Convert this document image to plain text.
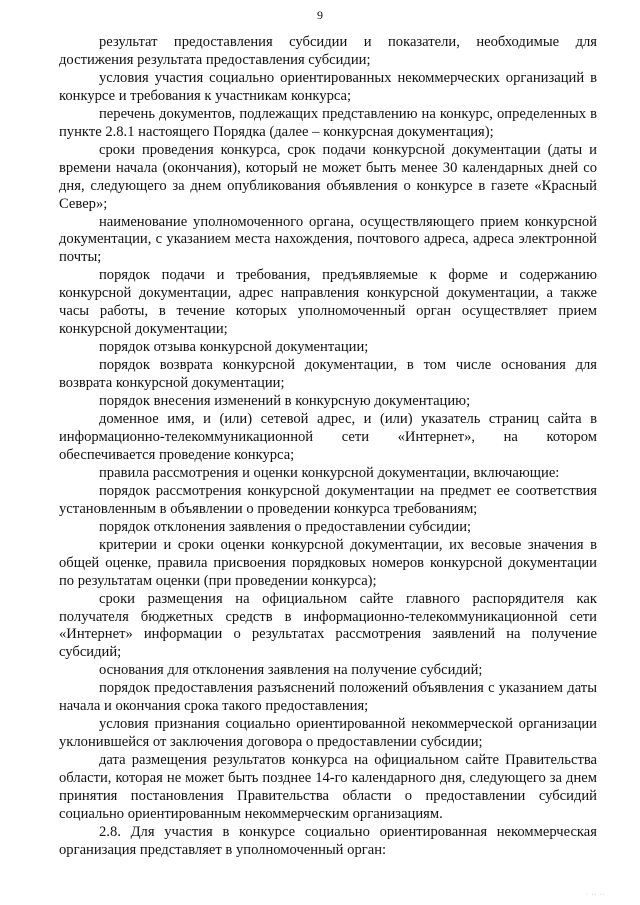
9

результат предоставления субсидии и показатели, необходимые для достижения результата предоставления субсидии;

условия участия социально ориентированных некоммерческих организаций в конкурсе и требования к участникам конкурса;

перечень документов, подлежащих представлению на конкурс, определенных в пункте 2.8.1 настоящего Порядка (далее – конкурсная документация);

сроки проведения конкурса, срок подачи конкурсной документации (даты и времени начала (окончания), который не может быть менее 30 календарных дней со дня, следующего за днем опубликования объявления о конкурсе в газете «Красный Север»;

наименование уполномоченного органа, осуществляющего прием конкурсной документации, с указанием места нахождения, почтового адреса, адреса электронной почты;

порядок подачи и требования, предъявляемые к форме и содержанию конкурсной документации, адрес направления конкурсной документации, а также часы работы, в течение которых уполномоченный орган осуществляет прием конкурсной документации;

порядок отзыва конкурсной документации;

порядок возврата конкурсной документации, в том числе основания для возврата конкурсной документации;

порядок внесения изменений в конкурсную документацию;

доменное имя, и (или) сетевой адрес, и (или) указатель страниц сайта в информационно-телекоммуникационной сети «Интернет», на котором обеспечивается проведение конкурса;

правила рассмотрения и оценки конкурсной документации, включающие:

порядок рассмотрения конкурсной документации на предмет ее соответствия установленным в объявлении о проведении конкурса требованиям;

порядок отклонения заявления о предоставлении субсидии;

критерии и сроки оценки конкурсной документации, их весовые значения в общей оценке, правила присвоения порядковых номеров конкурсной документации по результатам оценки (при проведении конкурса);

сроки размещения на официальном сайте главного распорядителя как получателя бюджетных средств в информационно-телекоммуникационной сети «Интернет» информации о результатах рассмотрения заявлений на получение субсидий;

основания для отклонения заявления на получение субсидий;

порядок предоставления разъяснений положений объявления с указанием даты начала и окончания срока такого предоставления;

условия признания социально ориентированной некоммерческой организации уклонившейся от заключения договора о предоставлении субсидии;

дата размещения результатов конкурса на официальном сайте Правительства области, которая не может быть позднее 14-го календарного дня, следующего за днем принятия постановления Правительства области о предоставлении субсидий социально ориентированным некоммерческим организациям.

2.8. Для участия в конкурсе социально ориентированная некоммерческая организация представляет в уполномоченный орган:

· ·· ··
